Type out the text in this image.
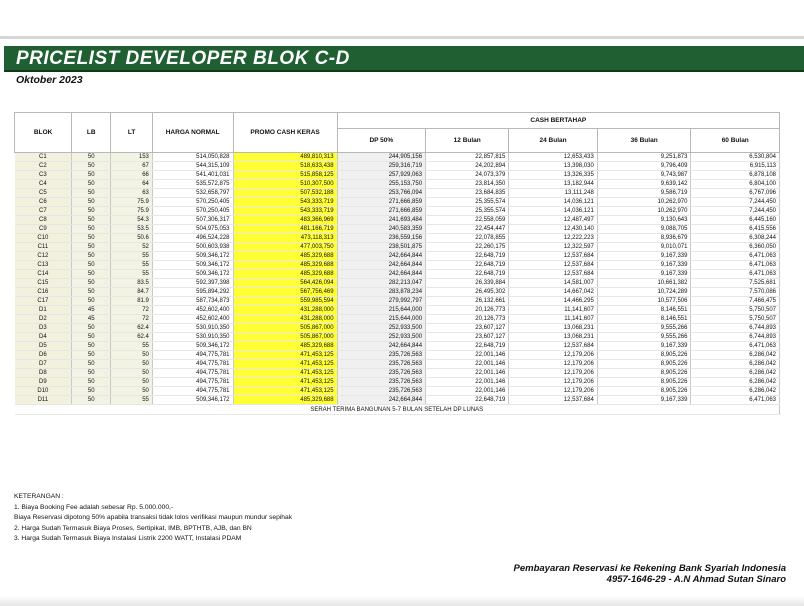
PRICELIST DEVELOPER BLOK C-D
Oktober 2023
BLOK	LB	LT	HARGA NORMAL	PROMO CASH KERAS	CASH BERTAHAP				
					DP 50%	12 Bulan	24 Bulan	36 Bulan	60 Bulan
C1	50	153	514,050,828	489,810,313	244,905,156	22,857,815	12,653,433	9,251,873	6,530,804
C2	50	67	544,315,109	518,633,438	259,316,719	24,202,894	13,398,030	9,796,409	6,915,113
C3	50	66	541,401,031	515,858,125	257,929,063	24,073,379	13,326,335	9,743,987	6,878,108
C4	50	64	535,572,875	510,307,500	255,153,750	23,814,350	13,182,944	9,639,142	6,804,100
C5	50	63	532,658,797	507,532,188	253,766,094	23,684,835	13,111,248	9,586,719	6,767,096
C6	50	75.9	570,250,405	543,333,719	271,666,859	25,355,574	14,036,121	10,262,970	7,244,450
C7	50	75.9	570,250,405	543,333,719	271,666,859	25,355,574	14,036,121	10,262,970	7,244,450
C8	50	54.3	507,306,317	483,366,969	241,693,484	22,558,059	12,487,497	9,130,643	6,445,160
C9	50	53.5	504,975,053	481,166,719	240,583,359	22,454,447	12,430,140	9,088,705	6,415,556
C10	50	50.6	496,524,228	473,118,313	236,559,156	22,078,855	12,222,223	8,936,679	6,308,244
C11	50	52	500,603,938	477,003,750	238,501,875	22,260,175	12,322,597	9,010,071	6,360,050
C12	50	55	509,346,172	485,329,688	242,664,844	22,648,719	12,537,684	9,167,339	6,471,063
C13	50	55	509,346,172	485,329,688	242,664,844	22,648,719	12,537,684	9,167,339	6,471,063
C14	50	55	509,346,172	485,329,688	242,664,844	22,648,719	12,537,684	9,167,339	6,471,063
C15	50	83.5	592,397,398	564,426,094	282,213,047	26,339,884	14,581,007	10,661,382	7,525,681
C16	50	84.7	595,894,292	567,756,469	283,878,234	26,495,302	14,667,042	10,724,289	7,570,086
C17	50	81.9	587,734,873	559,985,594	279,992,797	26,132,661	14,466,295	10,577,506	7,466,475
D1	45	72	452,602,400	431,288,000	215,644,000	20,126,773	11,141,607	8,146,551	5,750,507
D2	45	72	452,602,400	431,288,000	215,644,000	20,126,773	11,141,607	8,146,551	5,750,507
D3	50	62.4	530,910,350	505,867,000	252,933,500	23,607,127	13,068,231	9,555,266	6,744,893
D4	50	62.4	530,910,350	505,867,000	252,933,500	23,607,127	13,068,231	9,555,266	6,744,893
D5	50	55	509,346,172	485,329,688	242,664,844	22,648,719	12,537,684	9,167,339	6,471,063
D6	50	50	494,775,781	471,453,125	235,726,563	22,001,146	12,179,206	8,905,226	6,286,042
D7	50	50	494,775,781	471,453,125	235,726,563	22,001,146	12,179,206	8,905,226	6,286,042
D8	50	50	494,775,781	471,453,125	235,726,563	22,001,146	12,179,206	8,905,226	6,286,042
D9	50	50	494,775,781	471,453,125	235,726,563	22,001,146	12,179,206	8,905,226	6,286,042
D10	50	50	494,775,781	471,453,125	235,726,563	22,001,146	12,179,206	8,905,226	6,286,042
D11	50	55	509,346,172	485,329,688	242,664,844	22,648,719	12,537,684	9,167,339	6,471,063
SERAH TERIMA BANGUNAN 5-7 BULAN SETELAH DP LUNAS									
KETERANGAN :
1. Biaya Booking Fee adalah sebesar Rp. 5.000.000,-
Biaya Reservasi dipotong 50% apabila transaksi tidak lolos verifikasi maupun mundur sepihak
2. Harga Sudah Termasuk Biaya Proses, Sertipikat, IMB, BPTHTB, AJB, dan BN
3. Harga Sudah Termasuk Biaya Instalasi Listrik 2200 WATT, Instalasi PDAM
Pembayaran Reservasi ke Rekening Bank Syariah Indonesia
4957-1646-29 - A.N Ahmad Sutan Sinaro
